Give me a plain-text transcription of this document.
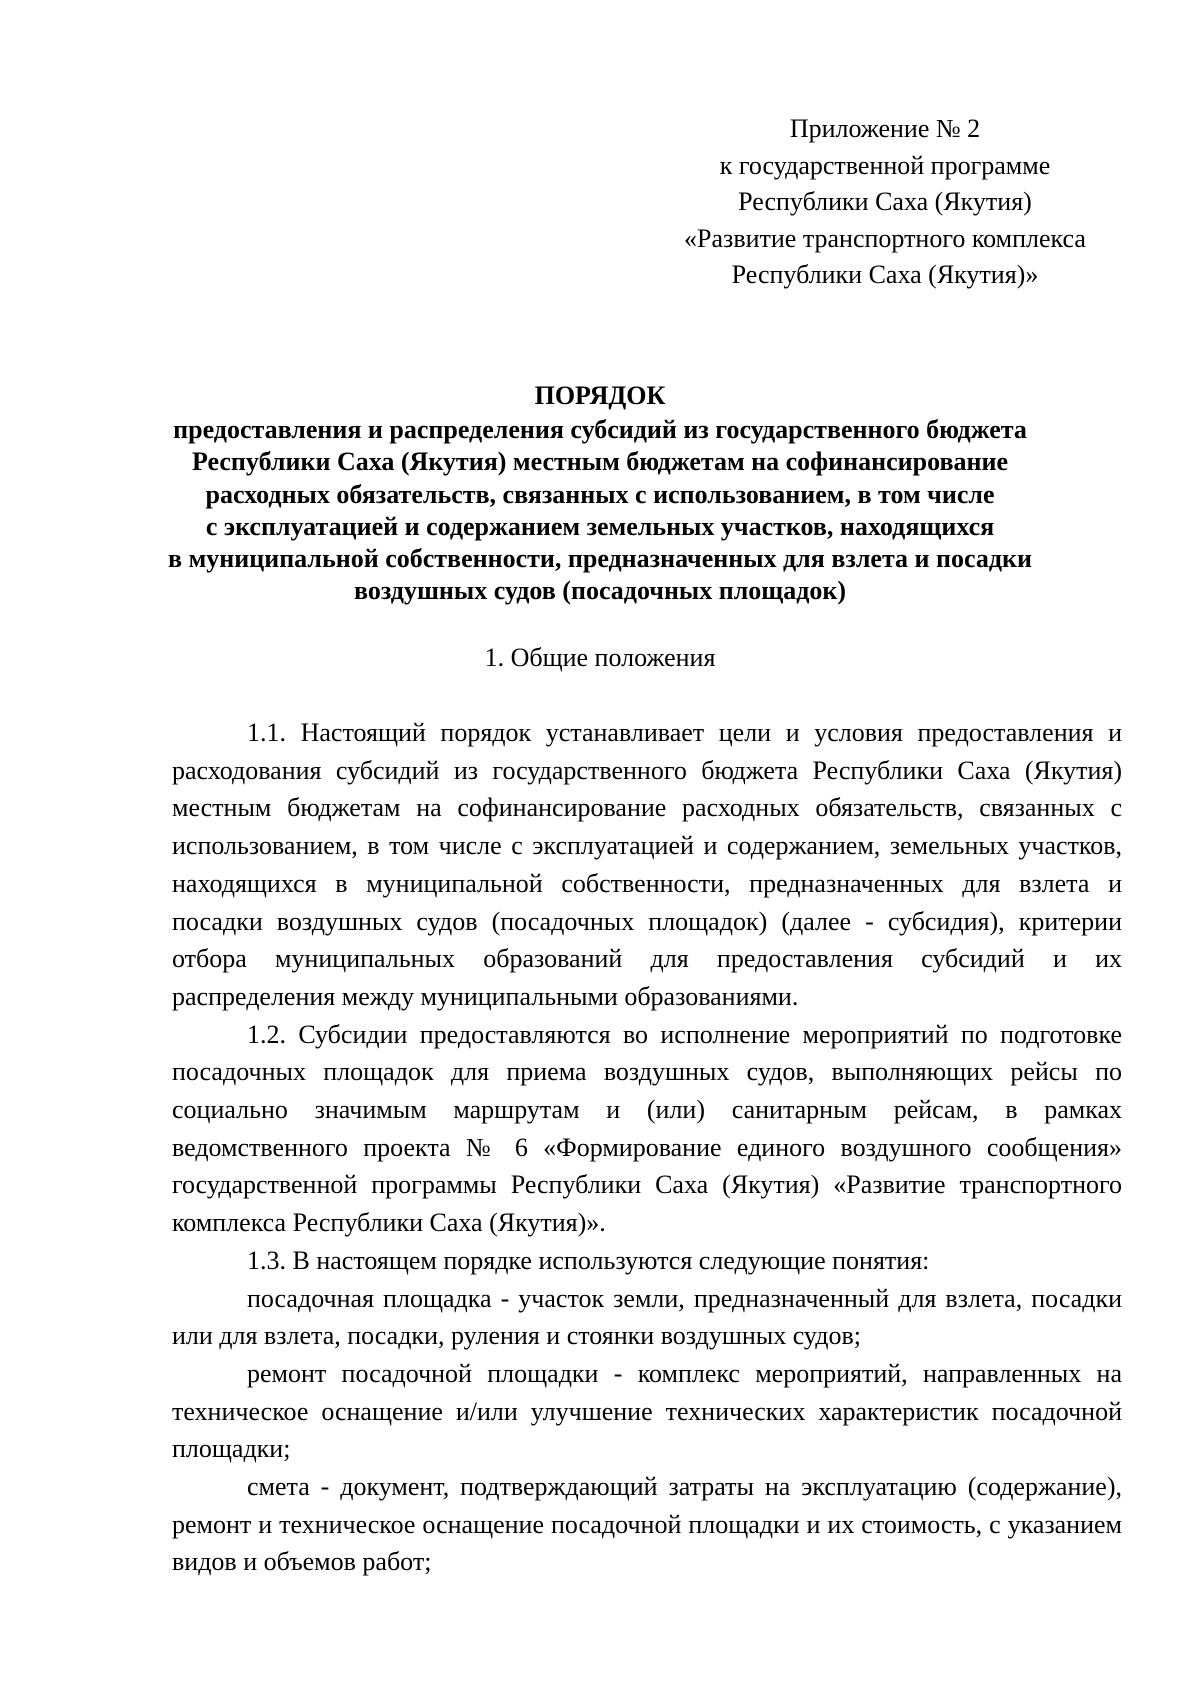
Приложение № 2
к государственной программе
Республики Саха (Якутия)
«Развитие транспортного комплекса
Республики Саха (Якутия)»
ПОРЯДОК
предоставления и распределения субсидий из государственного бюджета
Республики Саха (Якутия) местным бюджетам на софинансирование
расходных обязательств, связанных с использованием, в том числе
с эксплуатацией и содержанием земельных участков, находящихся
в муниципальной собственности, предназначенных для взлета и посадки
воздушных судов (посадочных площадок)
1. Общие положения

1.1. Настоящий порядок устанавливает цели и условия предоставления и расходования субсидий из государственного бюджета Республики Саха (Якутия) местным бюджетам на софинансирование расходных обязательств, связанных с использованием, в том числе с эксплуатацией и содержанием, земельных участков, находящихся в муниципальной собственности, предназначенных для взлета и посадки воздушных судов (посадочных площадок) (далее - субсидия), критерии отбора муниципальных образований для предоставления субсидий и их распределения между муниципальными образованиями.

1.2. Субсидии предоставляются во исполнение мероприятий по подготовке посадочных площадок для приема воздушных судов, выполняющих рейсы по социально значимым маршрутам и (или) санитарным рейсам, в рамках ведомственного проекта № 6 «Формирование единого воздушного сообщения» государственной программы Республики Саха (Якутия) «Развитие транспортного комплекса Республики Саха (Якутия)».

1.3. В настоящем порядке используются следующие понятия:

посадочная площадка - участок земли, предназначенный для взлета, посадки или для взлета, посадки, руления и стоянки воздушных судов;

ремонт посадочной площадки - комплекс мероприятий, направленных на техническое оснащение и/или улучшение технических характеристик посадочной площадки;

смета - документ, подтверждающий затраты на эксплуатацию (содержание), ремонт и техническое оснащение посадочной площадки и их стоимость, с указанием видов и объемов работ;
